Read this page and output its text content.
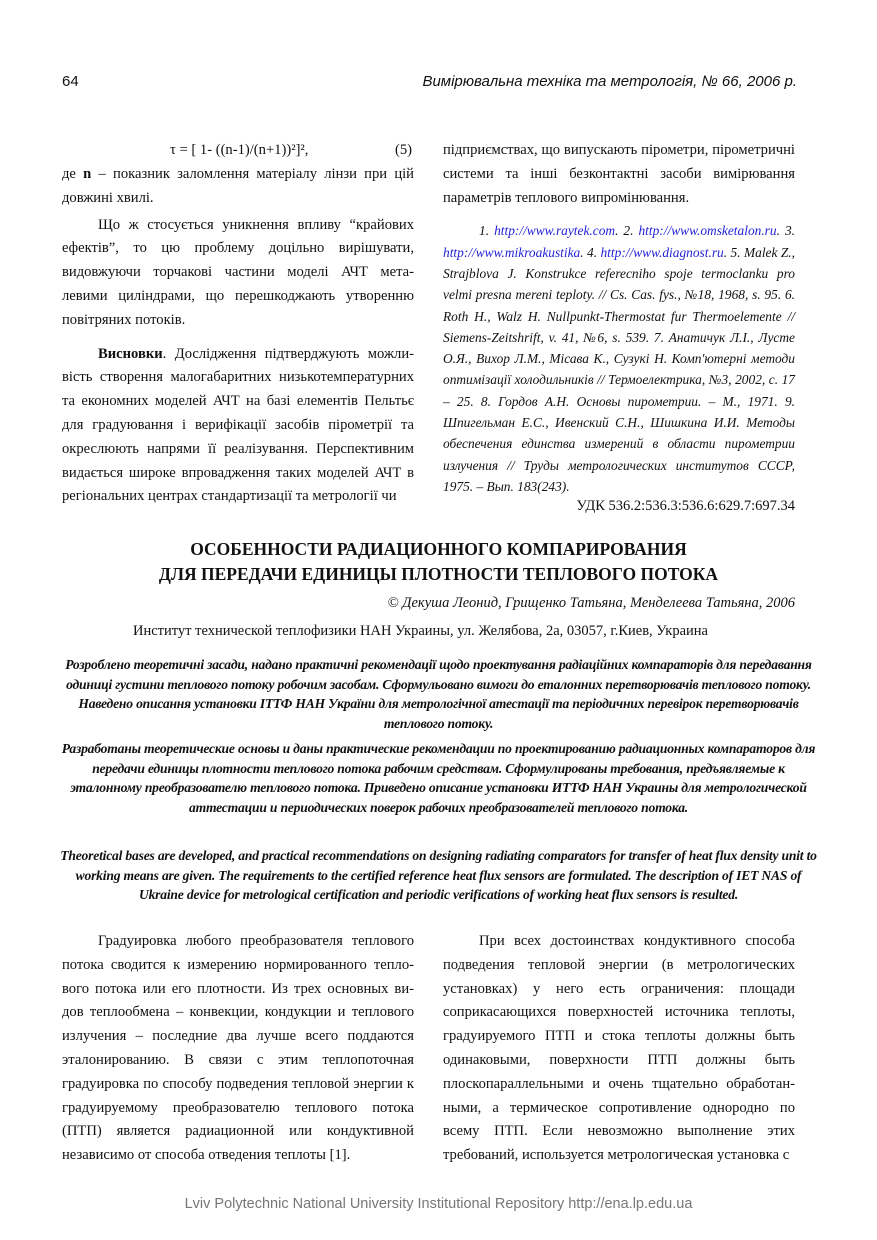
64	Вимірювальна техніка та метрологія, № 66, 2006 р.
τ = [ 1- ((n-1)/(n+1))²]²,	(5)

де n – показник заломлення матеріалу лінзи при цій довжині хвилі.

Що ж стосується уникнення впливу “крайових ефектів”, то цю проблему доцільно вирішувати, видовжуючи торчакові частини моделі АЧТ мета-левими циліндрами, що перешкоджають утворенню повітряних потоків.

Висновки. Дослідження підтверджують можли-вість створення малогабаритних низькотемпературних та економних моделей АЧТ на базі елементів Пельтьє для градуювання і верифікації засобів пірометрії та окреслюють напрями її реалізування. Перспективним видається широке впровадження таких моделей АЧТ в регіональних центрах стандартизації та метрології чи

підприємствах, що випускають пірометри, пірометричні системи та інші безконтактні засоби вимірювання параметрів теплового випромінювання.

1. http://www.raytek.com. 2. http://www.omsketalon.ru. 3. http://www.mikroakustika. 4. http://www.diagnost.ru. 5. Malek Z., Strajblova J. Konstrukce referecniho spoje termoclanku pro velmi presna mereni teploty. // Cs. Cas. fys., №18, 1968, s. 95. 6. Roth H., Walz H. Nullpunkt-Thermostat fur Thermoelemente // Siemens-Zeitshrift, v. 41, №6, s. 539. 7. Анатичук Л.І., Лусте О.Я., Вихор Л.М., Місава К., Сузукі Н. Комп'ютерні методи оптимізації холодильників // Термоелектрика, №3, 2002, с. 17 – 25. 8. Гордов А.Н. Основы пирометрии. – М., 1971. 9. Шпигельман Е.С., Ивенский С.Н., Шишкина И.И. Методы обеспечения единства измерений в области пирометрии излучения // Труды метрологических институтов СССР, 1975. – Вып. 183(243).

УДК 536.2:536.3:536.6:629.7:697.34
ОСОБЕННОСТИ РАДИАЦИОННОГО КОМПАРИРОВАНИЯ
ДЛЯ ПЕРЕДАЧИ ЕДИНИЦЫ ПЛОТНОСТИ ТЕПЛОВОГО ПОТОКА
© Декуша Леонид, Грищенко Татьяна, Менделеева Татьяна, 2006
Институт технической теплофизики НАН Украины, ул. Желябова, 2а, 03057, г.Киев, Украина
Розроблено теоретичні засади, надано практичні рекомендації щодо проектування радіаційних компараторів для передавання одиниці густини теплового потоку робочим засобам. Сформульовано вимоги до еталонних перетворювачів теплового потоку. Наведено описання установки ІТТФ НАН України для метрологічної атестації та періодичних перевірок перетворювачів теплового потоку.
Разработаны теоретические основы и даны практические рекомендации по проектированию радиационных компараторов для передачи единицы плотности теплового потока рабочим средствам. Сформулированы требования, предъявляемые к эталонному преобразователю теплового потока. Приведено описание установки ИТТФ НАН Украины для метрологической аттестации и периодических поверок рабочих преобразователей теплового потока.
Theoretical bases are developed, and practical recommendations on designing radiating comparators for transfer of heat flux density unit to working means are given. The requirements to the certified reference heat flux sensors are formulated. The description of IET NAS of Ukraine device for metrological certification and periodic verifications of working heat flux sensors is resulted.

Градуировка любого преобразователя теплового потока сводится к измерению нормированного тепло-вого потока или его плотности. Из трех основных ви-дов теплообмена – конвекции, кондукции и теплового излучения – последние два лучше всего поддаются эталонированию. В связи с этим теплопоточная градуировка по способу подведения тепловой энергии к градуируемому преобразователю теплового потока (ПТП) является радиационной или кондуктивной независимо от способа отведения теплоты [1].

При всех достоинствах кондуктивного способа подведения тепловой энергии (в метрологических установках) у него есть ограничения: площади соприкасающихся поверхностей источника теплоты, градуируемого ПТП и стока теплоты должны быть одинаковыми, поверхности ПТП должны быть плоскопараллельными и очень тщательно обработан-ными, а термическое сопротивление однородно по всему ПТП. Если невозможно выполнение этих требований, используется метрологическая установка с

Lviv Polytechnic National University Institutional Repository http://ena.lp.edu.ua
